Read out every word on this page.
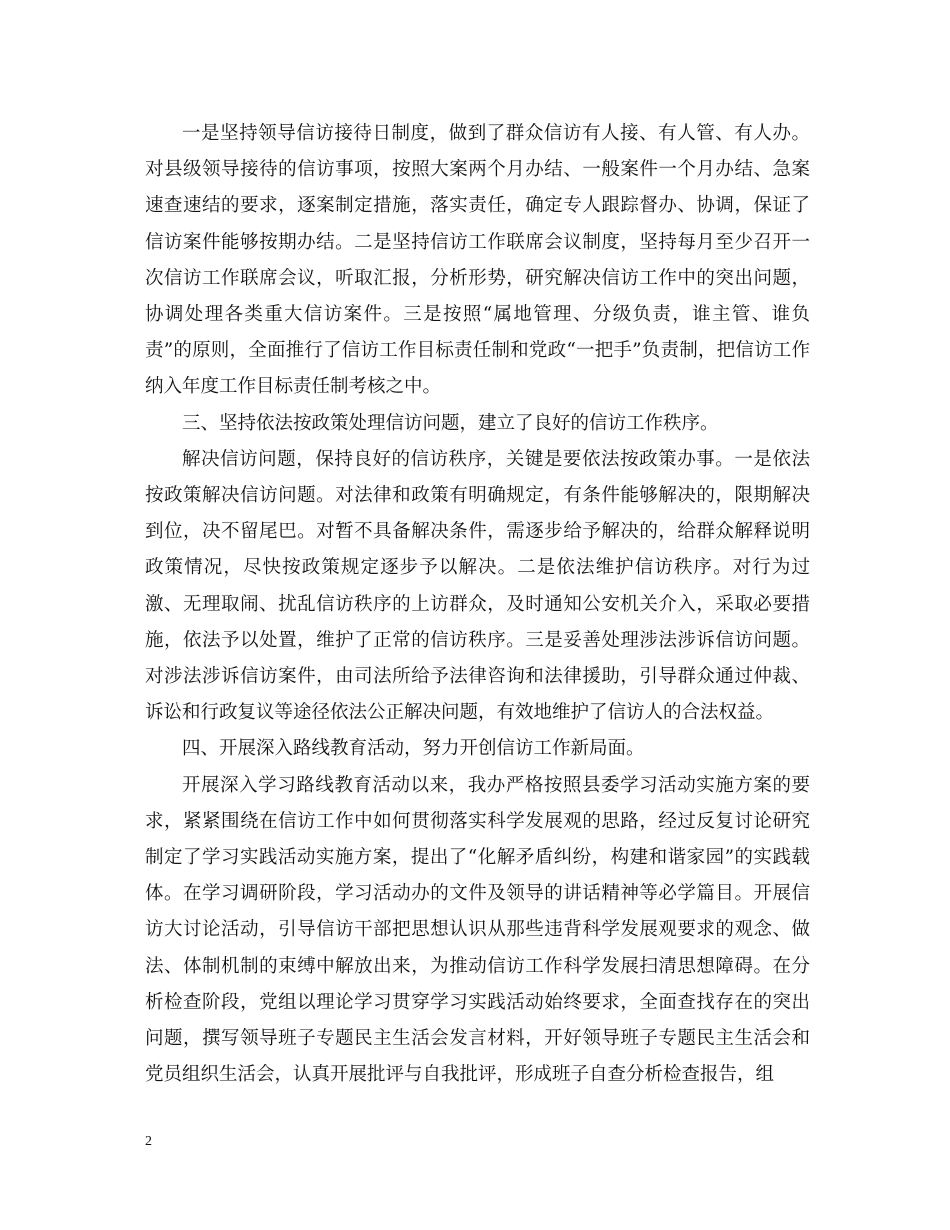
一是坚持领导信访接待日制度，做到了群众信访有人接、有人管、有人办。对县级领导接待的信访事项，按照大案两个月办结、一般案件一个月办结、急案速查速结的要求，逐案制定措施，落实责任，确定专人跟踪督办、协调，保证了信访案件能够按期办结。二是坚持信访工作联席会议制度，坚持每月至少召开一次信访工作联席会议，听取汇报，分析形势，研究解决信访工作中的突出问题，协调处理各类重大信访案件。三是按照“属地管理、分级负责，谁主管、谁负责”的原则，全面推行了信访工作目标责任制和党政“一把手”负责制，把信访工作纳入年度工作目标责任制考核之中。

三、坚持依法按政策处理信访问题，建立了良好的信访工作秩序。

解决信访问题，保持良好的信访秩序，关键是要依法按政策办事。一是依法按政策解决信访问题。对法律和政策有明确规定，有条件能够解决的，限期解决到位，决不留尾巴。对暂不具备解决条件，需逐步给予解决的，给群众解释说明政策情况，尽快按政策规定逐步予以解决。二是依法维护信访秩序。对行为过激、无理取闹、扰乱信访秩序的上访群众，及时通知公安机关介入，采取必要措施，依法予以处置，维护了正常的信访秩序。三是妥善处理涉法涉诉信访问题。对涉法涉诉信访案件，由司法所给予法律咨询和法律援助，引导群众通过仲裁、诉讼和行政复议等途径依法公正解决问题，有效地维护了信访人的合法权益。

四、开展深入路线教育活动，努力开创信访工作新局面。

开展深入学习路线教育活动以来，我办严格按照县委学习活动实施方案的要求，紧紧围绕在信访工作中如何贯彻落实科学发展观的思路，经过反复讨论研究制定了学习实践活动实施方案，提出了“化解矛盾纠纷，构建和谐家园”的实践载体。在学习调研阶段，学习活动办的文件及领导的讲话精神等必学篇目。开展信访大讨论活动，引导信访干部把思想认识从那些违背科学发展观要求的观念、做法、体制机制的束缚中解放出来，为推动信访工作科学发展扫清思想障碍。在分析检查阶段，党组以理论学习贯穿学习实践活动始终要求，全面查找存在的突出问题，撰写领导班子专题民主生活会发言材料，开好领导班子专题民主生活会和党员组织生活会，认真开展批评与自我批评，形成班子自查分析检查报告，组

2
